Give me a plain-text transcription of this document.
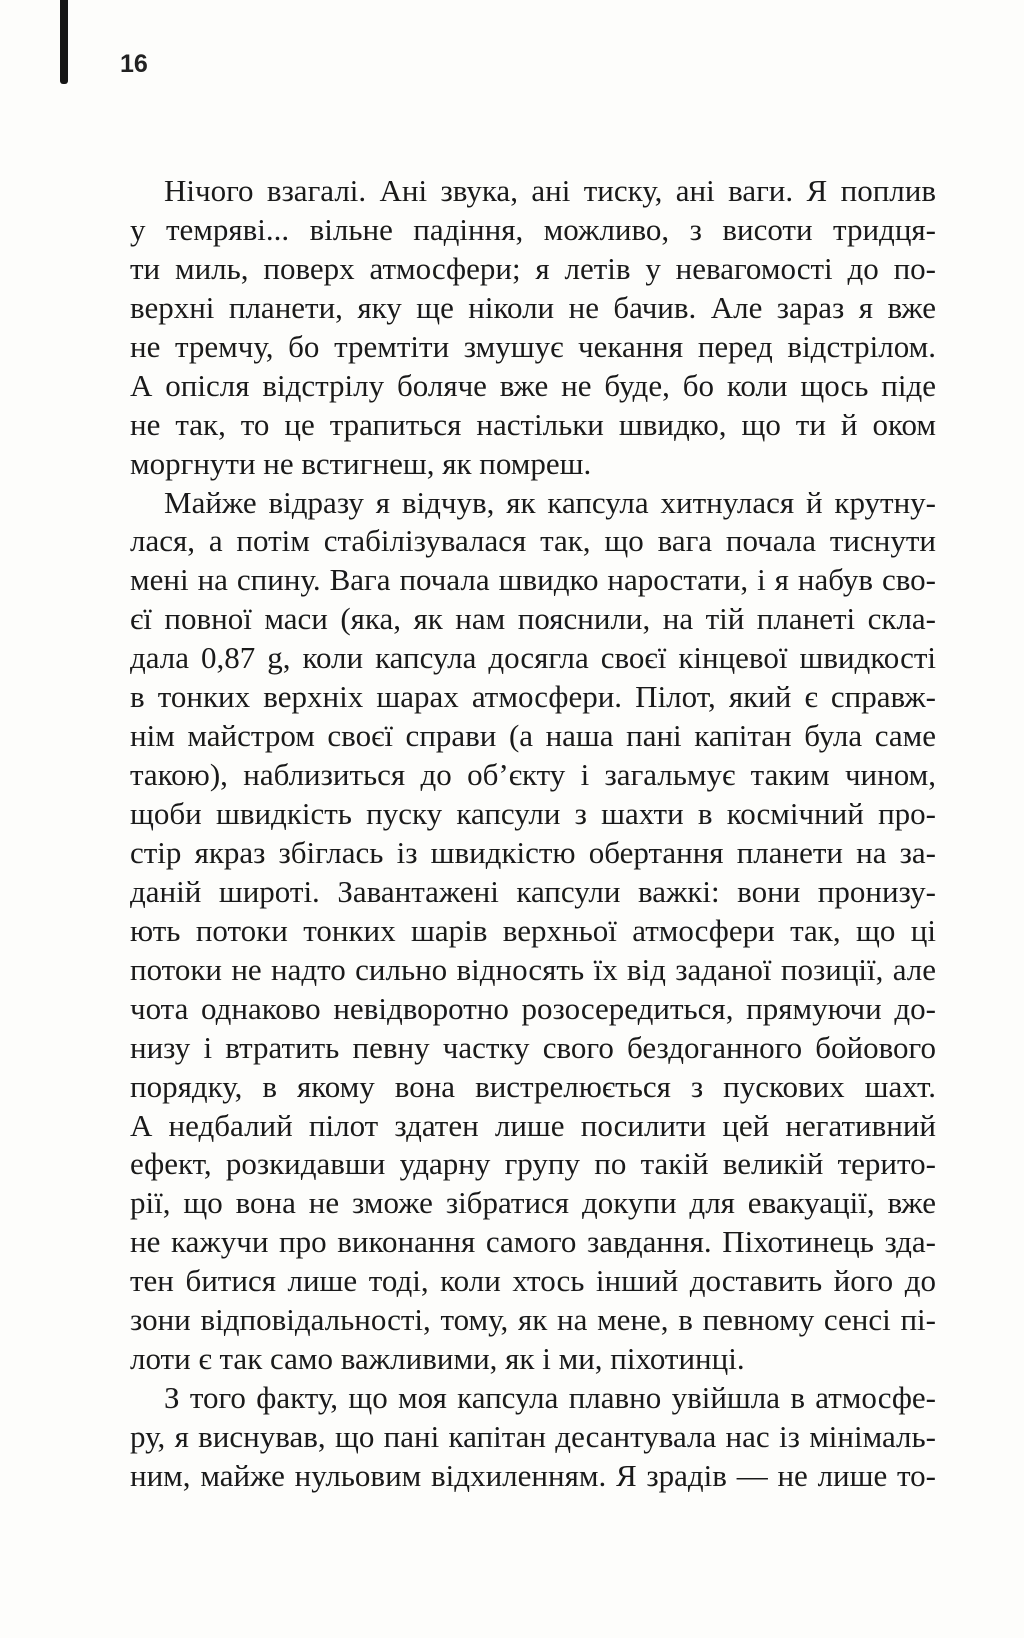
16

Нічого взагалі. Ані звука, ані тиску, ані ваги. Я поплив
у темряві... вільне падіння, можливо, з висоти тридця-
ти миль, поверх атмосфери; я летів у невагомості до по-
верхні планети, яку ще ніколи не бачив. Але зараз я вже
не тремчу, бо тремтіти змушує чекання перед відстрілом.
А опісля відстрілу боляче вже не буде, бо коли щось піде
не так, то це трапиться настільки швидко, що ти й оком
моргнути не встигнеш, як помреш.

Майже відразу я відчув, як капсула хитнулася й крутну-
лася, а потім стабілізувалася так, що вага почала тиснути
мені на спину. Вага почала швидко наростати, і я набув сво-
єї повної маси (яка, як нам пояснили, на тій планеті скла-
дала 0,87 g, коли капсула досягла своєї кінцевої швидкості
в тонких верхніх шарах атмосфери. Пілот, який є справж-
нім майстром своєї справи (а наша пані капітан була саме
такою), наблизиться до об’єкту і загальмує таким чином,
щоби швидкість пуску капсули з шахти в космічний про-
стір якраз збіглась із швидкістю обертання планети на за-
даній широті. Завантажені капсули важкі: вони пронизу-
ють потоки тонких шарів верхньої атмосфери так, що ці
потоки не надто сильно відносять їх від заданої позиції, але
чота однаково невідворотно розосередиться, прямуючи до-
низу і втратить певну частку свого бездоганного бойового
порядку, в якому вона вистрелюється з пускових шахт.
А недбалий пілот здатен лише посилити цей негативний
ефект, розкидавши ударну групу по такій великій терито-
рії, що вона не зможе зібратися докупи для евакуації, вже
не кажучи про виконання самого завдання. Піхотинець зда-
тен битися лише тоді, коли хтось інший доставить його до
зони відповідальності, тому, як на мене, в певному сенсі пі-
лоти є так само важливими, як і ми, піхотинці.

З того факту, що моя капсула плавно увійшла в атмосфе-
ру, я виснував, що пані капітан десантувала нас із мінімаль-
ним, майже нульовим відхиленням. Я зрадів — не лише то-
